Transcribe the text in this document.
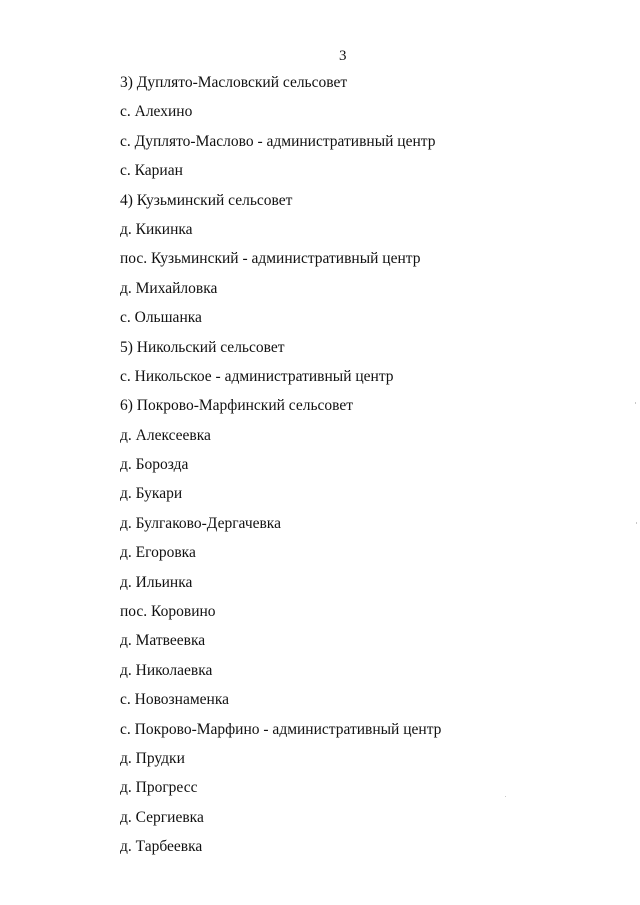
3
3) Дуплято-Масловский сельсовет
с. Алехино
с. Дуплято-Маслово - административный центр
с. Кариан
4) Кузьминский сельсовет
д. Кикинка
пос. Кузьминский - административный центр
д. Михайловка
с. Ольшанка
5) Никольский сельсовет
с. Никольское - административный центр
6) Покрово-Марфинский сельсовет
д. Алексеевка
д. Борозда
д. Букари
д. Булгаково-Дергачевка
д. Егоровка
д. Ильинка
пос. Коровино
д. Матвеевка
д. Николаевка
с. Новознаменка
с. Покрово-Марфино - административный центр
д. Прудки
д. Прогресс
д. Сергиевка
д. Тарбеевка
